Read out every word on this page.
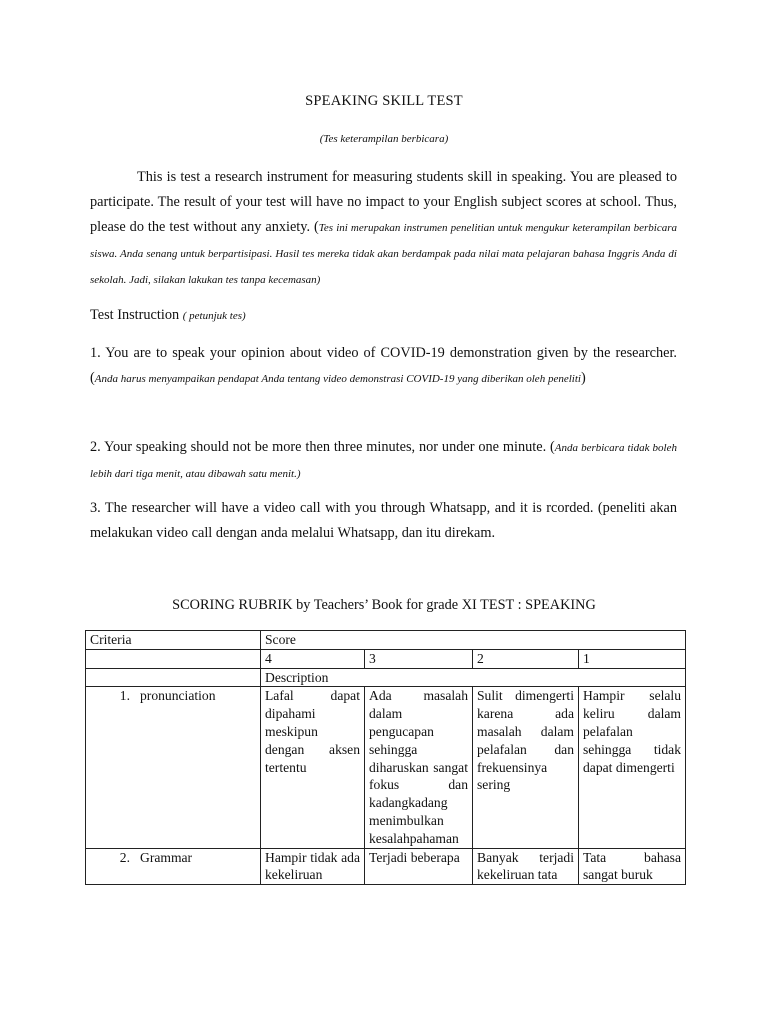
SPEAKING SKILL TEST
(Tes keterampilan berbicara)

This is test a research instrument for measuring students skill in speaking. You are pleased to participate. The result of your test will have no impact to your English subject scores at school. Thus, please do the test without any anxiety. (Tes ini merupakan instrumen penelitian untuk mengukur keterampilan berbicara siswa. Anda senang untuk berpartisipasi. Hasil tes mereka tidak akan berdampak pada nilai mata pelajaran bahasa Inggris Anda di sekolah. Jadi, silakan lakukan tes tanpa kecemasan)

Test Instruction ( petunjuk tes)

1. You are to speak your opinion about video of COVID-19 demonstration given by the researcher. (Anda harus menyampaikan pendapat Anda tentang video demonstrasi COVID-19 yang diberikan oleh peneliti)

2. Your speaking should not be more then three minutes, nor under one minute. (Anda berbicara tidak boleh lebih dari tiga menit, atau dibawah satu menit.)

3. The researcher will have a video call with you through Whatsapp, and it is rcorded. (peneliti akan melakukan video call dengan anda melalui Whatsapp, dan itu direkam.

SCORING RUBRIK by Teachers’ Book for grade XI TEST : SPEAKING
Criteria	Score			
	4	3	2	1
	Description			
1. pronunciation	Lafal dapat dipahami meskipun dengan aksen tertentu	Ada masalah dalam pengucapan sehingga diharuskan sangat fokus dan kadangkadang menimbulkan kesalahpahaman	Sulit dimengerti karena ada masalah dalam pelafalan dan frekuensinya sering	Hampir selalu keliru dalam pelafalan sehingga tidak dapat dimengerti
2. Grammar	Hampir tidak ada kekeliruan	Terjadi beberapa	Banyak terjadi kekeliruan tata	Tata bahasa sangat buruk
